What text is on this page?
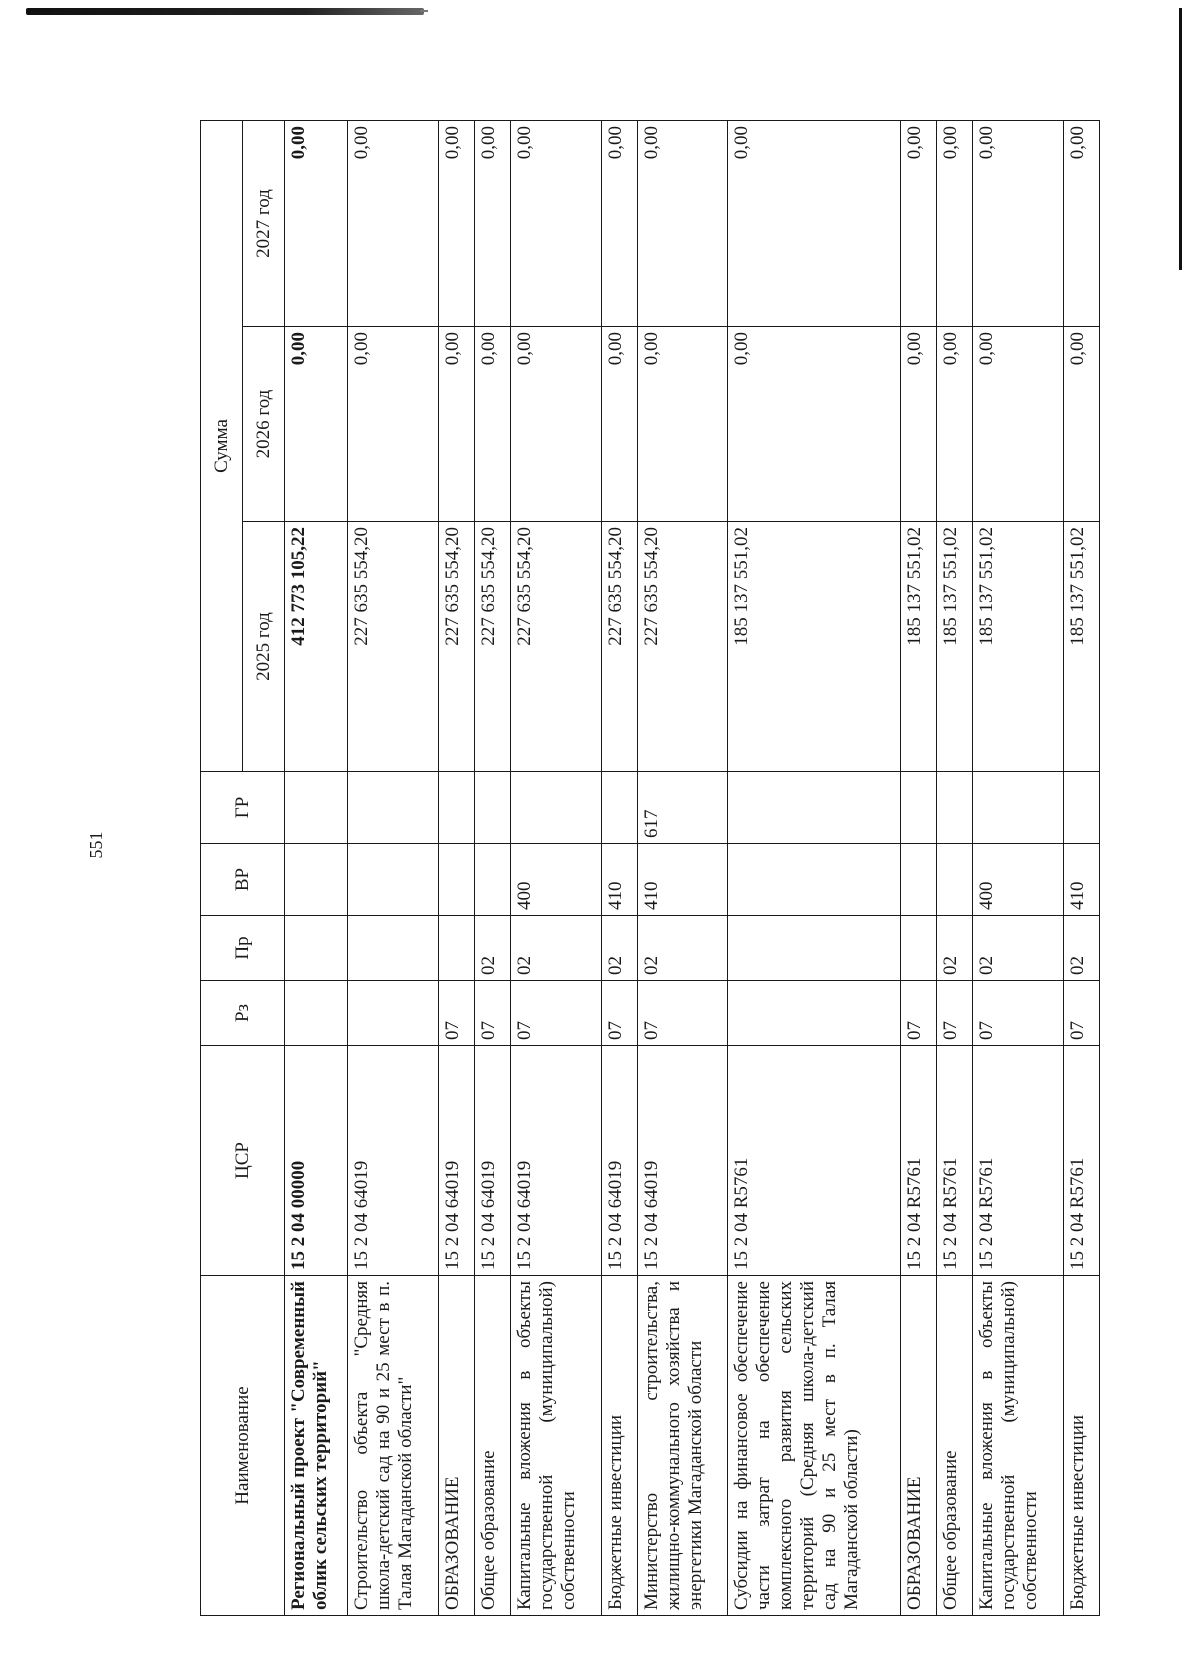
551
Наименование	ЦСР	Рз	Пр	ВР	ГР	Сумма		
						2025 год	2026 год	2027 год
Региональный проект "Современный облик сельских территорий"	15 2 04 00000					412 773 105,22	0,00	0,00
Строительство объекта "Средняя школа-детский сад на 90 и 25 мест в п. Талая Магаданской области"	15 2 04 64019					227 635 554,20	0,00	0,00
ОБРАЗОВАНИЕ	15 2 04 64019	07				227 635 554,20	0,00	0,00
Общее образование	15 2 04 64019	07	02			227 635 554,20	0,00	0,00
Капитальные вложения в объекты государственной (муниципальной) собственности	15 2 04 64019	07	02	400		227 635 554,20	0,00	0,00
Бюджетные инвестиции	15 2 04 64019	07	02	410		227 635 554,20	0,00	0,00
Министерство строительства, жилищно-коммунального хозяйства и энергетики Магаданской области	15 2 04 64019	07	02	410	617	227 635 554,20	0,00	0,00
Субсидии на финансовое обеспечение части затрат на обеспечение комплексного развития сельских территорий (Средняя школа-детский сад на 90 и 25 мест в п. Талая Магаданской области)	15 2 04 R5761					185 137 551,02	0,00	0,00
ОБРАЗОВАНИЕ	15 2 04 R5761	07				185 137 551,02	0,00	0,00
Общее образование	15 2 04 R5761	07	02			185 137 551,02	0,00	0,00
Капитальные вложения в объекты государственной (муниципальной) собственности	15 2 04 R5761	07	02	400		185 137 551,02	0,00	0,00
Бюджетные инвестиции	15 2 04 R5761	07	02	410		185 137 551,02	0,00	0,00
